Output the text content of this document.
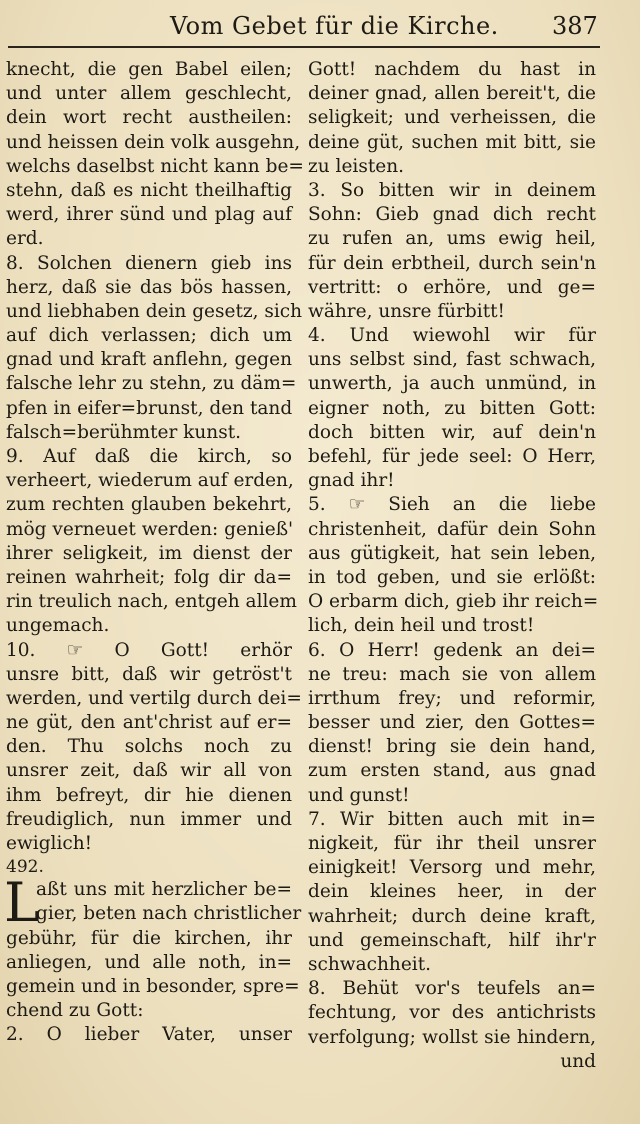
Vom Gebet für die Kirche. 387
knecht, die gen Babel eilen;
und unter allem geschlecht,
dein wort recht austheilen:
und heissen dein volk ausgehn,
welchs daselbst nicht kann be=
stehn, daß es nicht theilhaftig
werd, ihrer sünd und plag auf
erd.
8. Solchen dienern gieb ins
herz, daß sie das bös hassen,
und liebhaben dein gesetz, sich
auf dich verlassen; dich um
gnad und kraft anflehn, gegen
falsche lehr zu stehn, zu däm=
pfen in eifer=brunst, den tand
falsch=berühmter kunst.
9. Auf daß die kirch, so
verheert, wiederum auf erden,
zum rechten glauben bekehrt,
mög verneuet werden: genieß'
ihrer seligkeit, im dienst der
reinen wahrheit; folg dir da=
rin treulich nach, entgeh allem
ungemach.
10. ☞ O Gott! erhör
unsre bitt, daß wir getröst't
werden, und vertilg durch dei=
ne güt, den ant'christ auf er=
den. Thu solchs noch zu
unsrer zeit, daß wir all von
ihm befreyt, dir hie dienen
freudiglich, nun immer und
ewiglich!
492.
L
aßt uns mit herzlicher be=
gier, beten nach christlicher
gebühr, für die kirchen, ihr
anliegen, und alle noth, in=
gemein und in besonder, spre=
chend zu Gott:
2. O lieber Vater, unser
Gott! nachdem du hast in
deiner gnad, allen bereit't, die
seligkeit; und verheissen, die
deine güt, suchen mit bitt, sie
zu leisten.
3. So bitten wir in deinem
Sohn: Gieb gnad dich recht
zu rufen an, ums ewig heil,
für dein erbtheil, durch sein'n
vertritt: o erhöre, und ge=
währe, unsre fürbitt!
4. Und wiewohl wir für
uns selbst sind, fast schwach,
unwerth, ja auch unmünd, in
eigner noth, zu bitten Gott:
doch bitten wir, auf dein'n
befehl, für jede seel: O Herr,
gnad ihr!
5. ☞ Sieh an die liebe
christenheit, dafür dein Sohn
aus gütigkeit, hat sein leben,
in tod geben, und sie erlößt:
O erbarm dich, gieb ihr reich=
lich, dein heil und trost!
6. O Herr! gedenk an dei=
ne treu: mach sie von allem
irrthum frey; und reformir,
besser und zier, den Gottes=
dienst! bring sie dein hand,
zum ersten stand, aus gnad
und gunst!
7. Wir bitten auch mit in=
nigkeit, für ihr theil unsrer
einigkeit! Versorg und mehr,
dein kleines heer, in der
wahrheit; durch deine kraft,
und gemeinschaft, hilf ihr'r
schwachheit.
8. Behüt vor's teufels an=
fechtung, vor des antichrists
verfolgung; wollst sie hindern,
und
